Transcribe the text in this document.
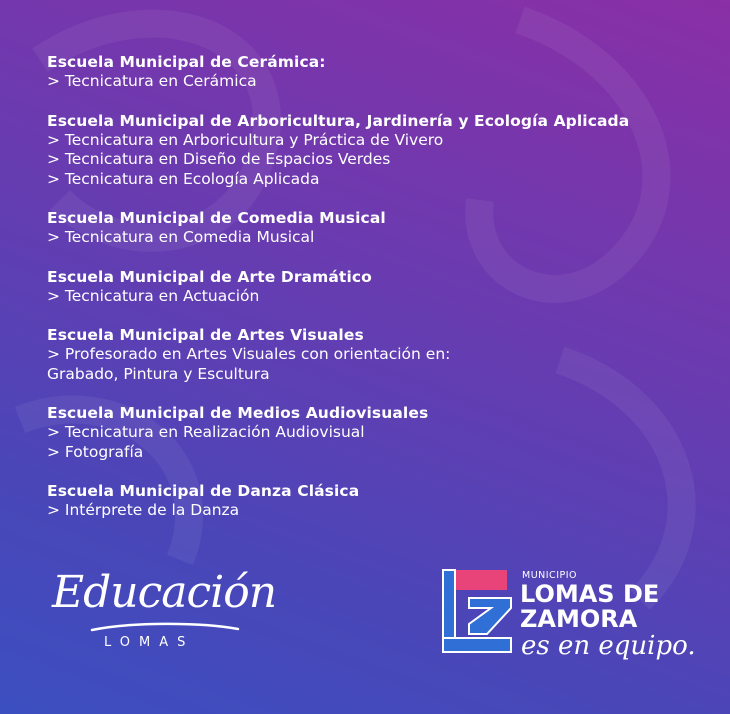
Escuela Municipal de Cerámica:
> Tecnicatura en Cerámica
Escuela Municipal de Arboricultura, Jardinería y Ecología Aplicada
> Tecnicatura en Arboricultura y Práctica de Vivero
> Tecnicatura en Diseño de Espacios Verdes
> Tecnicatura en Ecología Aplicada
Escuela Municipal de Comedia Musical
> Tecnicatura en Comedia Musical
Escuela Municipal de Arte Dramático
> Tecnicatura en Actuación
Escuela Municipal de Artes Visuales
> Profesorado en Artes Visuales con orientación en:
Grabado, Pintura y Escultura
Escuela Municipal de Medios Audiovisuales
> Tecnicatura en Realización Audiovisual
> Fotografía
Escuela Municipal de Danza Clásica
> Intérprete de la Danza
Educación
LOMAS
MUNICIPIO
LOMAS DE
ZAMORA
es en equipo.
